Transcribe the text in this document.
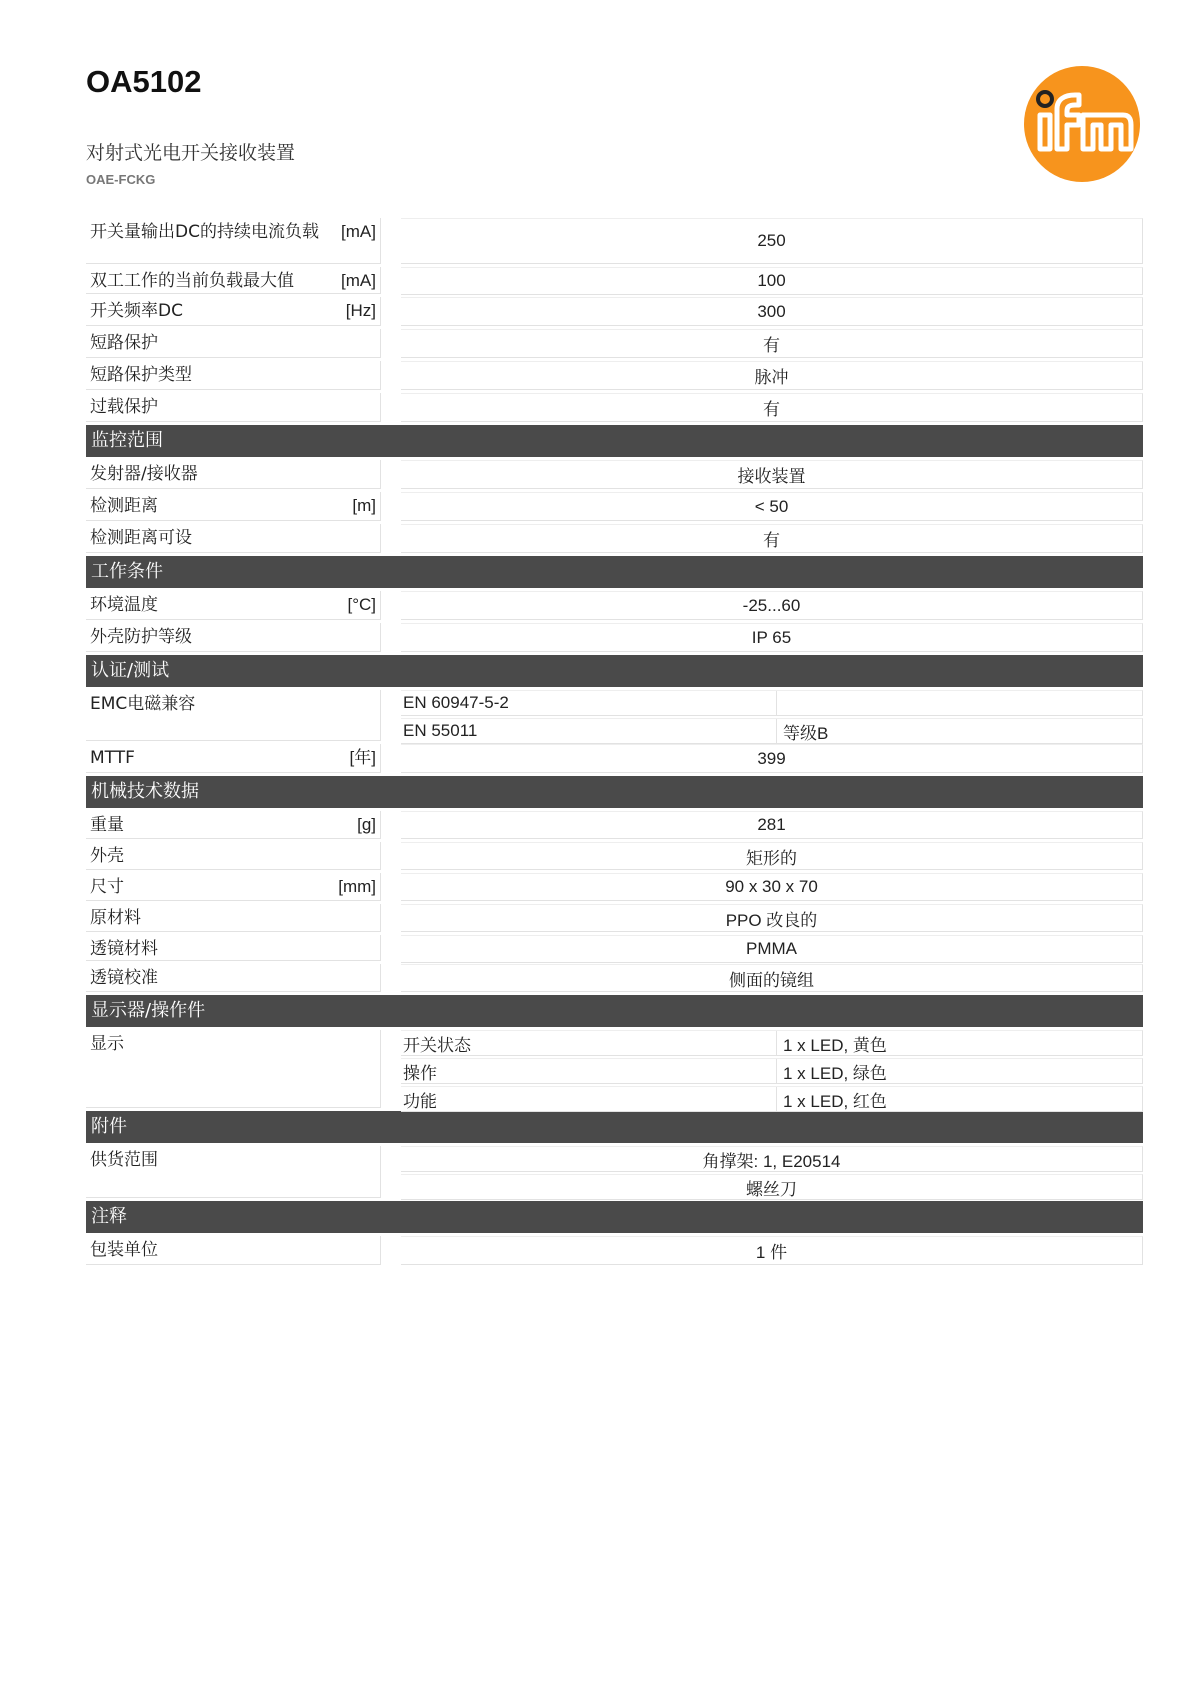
OA5102
对射式光电开关接收装置
OAE-FCKG
开关量输出DC的持续电流负载	[mA]	250
双工工作的当前负载最大值	[mA]	100
开关频率DC	[Hz]	300
短路保护	有
短路保护类型	脉冲
过载保护	有
监控范围
发射器/接收器	接收装置
检测距离	[m]	< 50
检测距离可设	有
工作条件
环境温度	[°C]	-25...60
外壳防护等级	IP 65
认证/测试
EMC电磁兼容	EN 60947-5-2
EN 55011	等级B
MTTF	[年]	399
机械技术数据
重量	[g]	281
外壳	矩形的
尺寸	[mm]	90 x 30 x 70
原材料	PPO 改良的
透镜材料	PMMA
透镜校准	侧面的镜组
显示器/操作件
显示	开关状态	1 x LED, 黄色
操作	1 x LED, 绿色
功能	1 x LED, 红色
附件
供货范围	角撑架: 1, E20514
螺丝刀
注释
包装单位	1 件
